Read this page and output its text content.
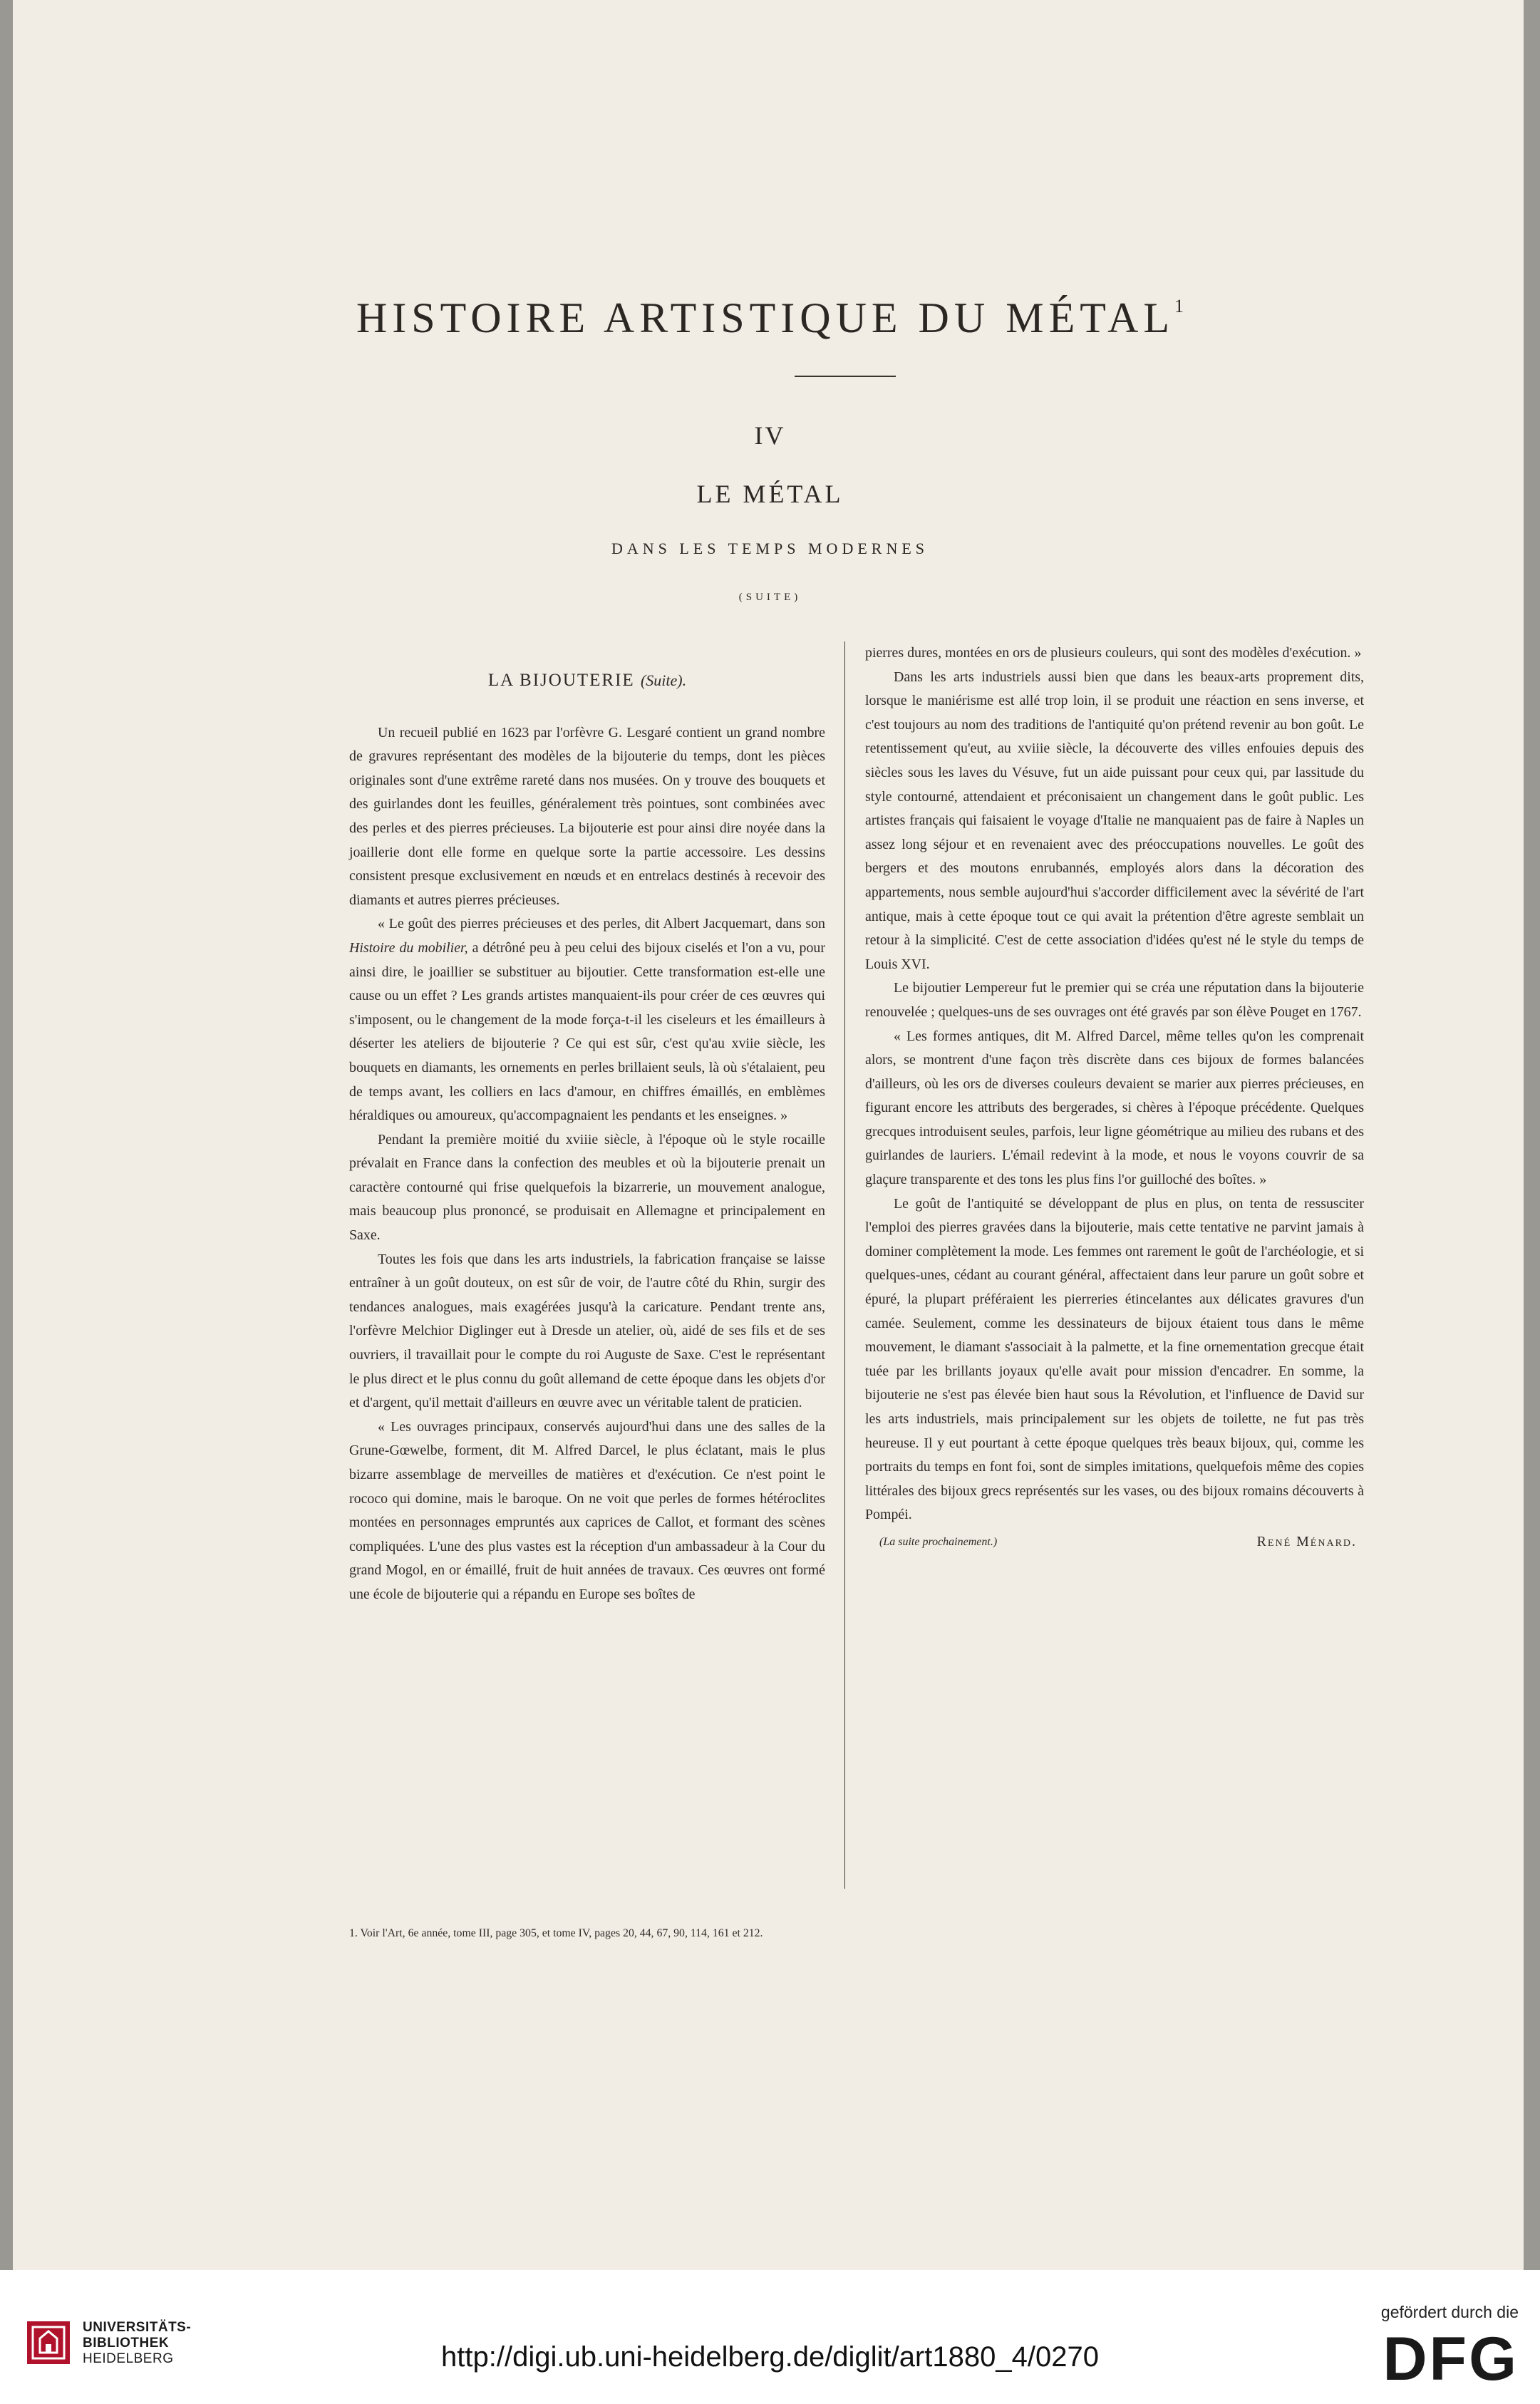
HISTOIRE ARTISTIQUE DU MÉTAL$^1$
IV
LE MÉTAL
DANS LES TEMPS MODERNES
(SUITE)

LA BIJOUTERIE (Suite).

Un recueil publié en 1623 par l'orfèvre G. Lesgaré contient un grand nombre de gravures représentant des modèles de la bijouterie du temps, dont les pièces originales sont d'une extrême rareté dans nos musées. On y trouve des bouquets et des guirlandes dont les feuilles, généralement très pointues, sont combinées avec des perles et des pierres précieuses. La bijouterie est pour ainsi dire noyée dans la joaillerie dont elle forme en quelque sorte la partie accessoire. Les dessins consistent presque exclusivement en nœuds et en entrelacs destinés à recevoir des diamants et autres pierres précieuses.

« Le goût des pierres précieuses et des perles, dit Albert Jacquemart, dans son Histoire du mobilier, a détrôné peu à peu celui des bijoux ciselés et l'on a vu, pour ainsi dire, le joaillier se substituer au bijoutier. Cette transformation est-elle une cause ou un effet ? Les grands artistes manquaient-ils pour créer de ces œuvres qui s'imposent, ou le changement de la mode força-t-il les ciseleurs et les émailleurs à déserter les ateliers de bijouterie ? Ce qui est sûr, c'est qu'au xviie siècle, les bouquets en diamants, les ornements en perles brillaient seuls, là où s'étalaient, peu de temps avant, les colliers en lacs d'amour, en chiffres émaillés, en emblèmes héraldiques ou amoureux, qu'accompagnaient les pendants et les enseignes. »

Pendant la première moitié du xviiie siècle, à l'époque où le style rocaille prévalait en France dans la confection des meubles et où la bijouterie prenait un caractère contourné qui frise quelquefois la bizarrerie, un mouvement analogue, mais beaucoup plus prononcé, se produisait en Allemagne et principalement en Saxe.

Toutes les fois que dans les arts industriels, la fabrication française se laisse entraîner à un goût douteux, on est sûr de voir, de l'autre côté du Rhin, surgir des tendances analogues, mais exagérées jusqu'à la caricature. Pendant trente ans, l'orfèvre Melchior Diglinger eut à Dresde un atelier, où, aidé de ses fils et de ses ouvriers, il travaillait pour le compte du roi Auguste de Saxe. C'est le représentant le plus direct et le plus connu du goût allemand de cette époque dans les objets d'or et d'argent, qu'il mettait d'ailleurs en œuvre avec un véritable talent de praticien.

« Les ouvrages principaux, conservés aujourd'hui dans une des salles de la Grune-Gœwelbe, forment, dit M. Alfred Darcel, le plus éclatant, mais le plus bizarre assemblage de merveilles de matières et d'exécution. Ce n'est point le rococo qui domine, mais le baroque. On ne voit que perles de formes hétéroclites montées en personnages empruntés aux caprices de Callot, et formant des scènes compliquées. L'une des plus vastes est la réception d'un ambassadeur à la Cour du grand Mogol, en or émaillé, fruit de huit années de travaux. Ces œuvres ont formé une école de bijouterie qui a répandu en Europe ses boîtes de

pierres dures, montées en ors de plusieurs couleurs, qui sont des modèles d'exécution. »

Dans les arts industriels aussi bien que dans les beaux-arts proprement dits, lorsque le maniérisme est allé trop loin, il se produit une réaction en sens inverse, et c'est toujours au nom des traditions de l'antiquité qu'on prétend revenir au bon goût. Le retentissement qu'eut, au xviiie siècle, la découverte des villes enfouies depuis des siècles sous les laves du Vésuve, fut un aide puissant pour ceux qui, par lassitude du style contourné, attendaient et préconisaient un changement dans le goût public. Les artistes français qui faisaient le voyage d'Italie ne manquaient pas de faire à Naples un assez long séjour et en revenaient avec des préoccupations nouvelles. Le goût des bergers et des moutons enrubannés, employés alors dans la décoration des appartements, nous semble aujourd'hui s'accorder difficilement avec la sévérité de l'art antique, mais à cette époque tout ce qui avait la prétention d'être agreste semblait un retour à la simplicité. C'est de cette association d'idées qu'est né le style du temps de Louis XVI.

Le bijoutier Lempereur fut le premier qui se créa une réputation dans la bijouterie renouvelée ; quelques-uns de ses ouvrages ont été gravés par son élève Pouget en 1767.

« Les formes antiques, dit M. Alfred Darcel, même telles qu'on les comprenait alors, se montrent d'une façon très discrète dans ces bijoux de formes balancées d'ailleurs, où les ors de diverses couleurs devaient se marier aux pierres précieuses, en figurant encore les attributs des bergerades, si chères à l'époque précédente. Quelques grecques introduisent seules, parfois, leur ligne géométrique au milieu des rubans et des guirlandes de lauriers. L'émail redevint à la mode, et nous le voyons couvrir de sa glaçure transparente et des tons les plus fins l'or guilloché des boîtes. »

Le goût de l'antiquité se développant de plus en plus, on tenta de ressusciter l'emploi des pierres gravées dans la bijouterie, mais cette tentative ne parvint jamais à dominer complètement la mode. Les femmes ont rarement le goût de l'archéologie, et si quelques-unes, cédant au courant général, affectaient dans leur parure un goût sobre et épuré, la plupart préféraient les pierreries étincelantes aux délicates gravures d'un camée. Seulement, comme les dessinateurs de bijoux étaient tous dans le même mouvement, le diamant s'associait à la palmette, et la fine ornementation grecque était tuée par les brillants joyaux qu'elle avait pour mission d'encadrer. En somme, la bijouterie ne s'est pas élevée bien haut sous la Révolution, et l'influence de David sur les arts industriels, mais principalement sur les objets de toilette, ne fut pas très heureuse. Il y eut pourtant à cette époque quelques très beaux bijoux, qui, comme les portraits du temps en font foi, sont de simples imitations, quelquefois même des copies littérales des bijoux grecs représentés sur les vases, ou des bijoux romains découverts à Pompéi.

(La suite prochainement.)	René Ménard.
1. Voir l'Art, 6e année, tome III, page 305, et tome IV, pages 20, 44, 67, 90, 114, 161 et 212.
UNIVERSITÄTS-
BIBLIOTHEK
HEIDELBERG	http://digi.ub.uni-heidelberg.de/diglit/art1880_4/0270
gefördert durch die
DFG
